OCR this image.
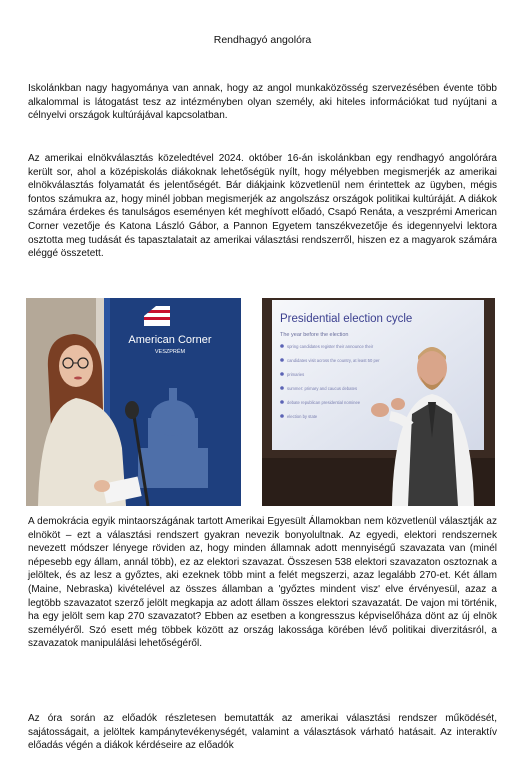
Rendhagyó angolóra

Iskolánkban nagy hagyománya van annak, hogy az angol munkaközösség szervezésében évente több alkalommal is látogatást tesz az intézményben olyan személy, aki hiteles információkat tud nyújtani a célnyelvi országok kultúrájával kapcsolatban.

Az amerikai elnökválasztás közeledtével 2024. október 16-án iskolánkban egy rendhagyó angolórára került sor, ahol a középiskolás diákoknak lehetőségük nyílt, hogy mélyebben megismerjék az amerikai elnökválasztás folyamatát és jelentőségét. Bár diákjaink közvetlenül nem érintettek az ügyben, mégis fontos számukra az, hogy minél jobban megismerjék az angolszász országok politikai kultúráját. A diákok számára érdekes és tanulságos eseményen két meghívott előadó, Csapó Renáta, a veszprémi American Corner vezetője és Katona László Gábor, a Pannon Egyetem tanszékvezetője és idegennyelvi lektora osztotta meg tudását és tapasztalatait az amerikai választási rendszerről, hiszen ez a magyarok számára eléggé összetett.

American Corner
VESZPRÉM
Presidential election cycle
The year before the election
spring candidates register their announce their
candidates visit across the country, at least 50 per
primaries
summer: primary and caucus debates
debate republican presidential nominee
election by state

A demokrácia egyik mintaországának tartott Amerikai Egyesült Államokban nem közvetlenül választják az elnököt – ezt a választási rendszert gyakran nevezik bonyolultnak. Az egyedi, elektori rendszernek nevezett módszer lényege röviden az, hogy minden államnak adott mennyiségű szavazata van (minél népesebb egy állam, annál több), ez az elektori szavazat. Összesen 538 elektori szavazaton osztoznak a jelöltek, és az lesz a győztes, aki ezeknek több mint a felét megszerzi, azaz legalább 270-et. Két állam (Maine, Nebraska) kivételével az összes államban a 'győztes mindent visz' elve érvényesül, azaz a legtöbb szavazatot szerző jelölt megkapja az adott állam összes elektori szavazatát. De vajon mi történik, ha egy jelölt sem kap 270 szavazatot? Ebben az esetben a kongresszus képviselőháza dönt az új elnök személyéről. Szó esett még többek között az ország lakossága körében lévő politikai diverzitásról, a szavazatok manipulálási lehetőségéről.

Az óra során az előadók részletesen bemutatták az amerikai választási rendszer működését, sajátosságait, a jelöltek kampánytevékenységét, valamint a választások várható hatásait. Az interaktív előadás végén a diákok kérdéseire az előadók
